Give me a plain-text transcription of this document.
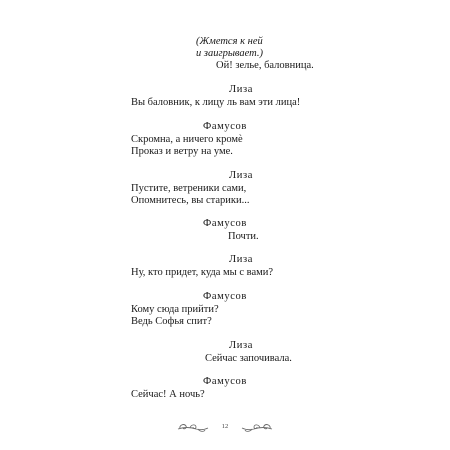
(Жмется к ней
и заигрывает.)
Ой! зелье, баловница.
Лиза
Вы баловник, к лицу ль вам эти лица!
Фамусов
Скромна, а ничего кромѐ
Проказ и ветру на уме.
Лиза
Пустите, ветреники сами,
Опомнитесь, вы старики...
Фамусов
Почти.
Лиза
Ну, кто придет, куда мы с вами?
Фамусов
Кому сюда прийти?
Ведь Софья спит?
Лиза
Сейчас започивала.
Фамусов
Сейчас! А ночь?
12
